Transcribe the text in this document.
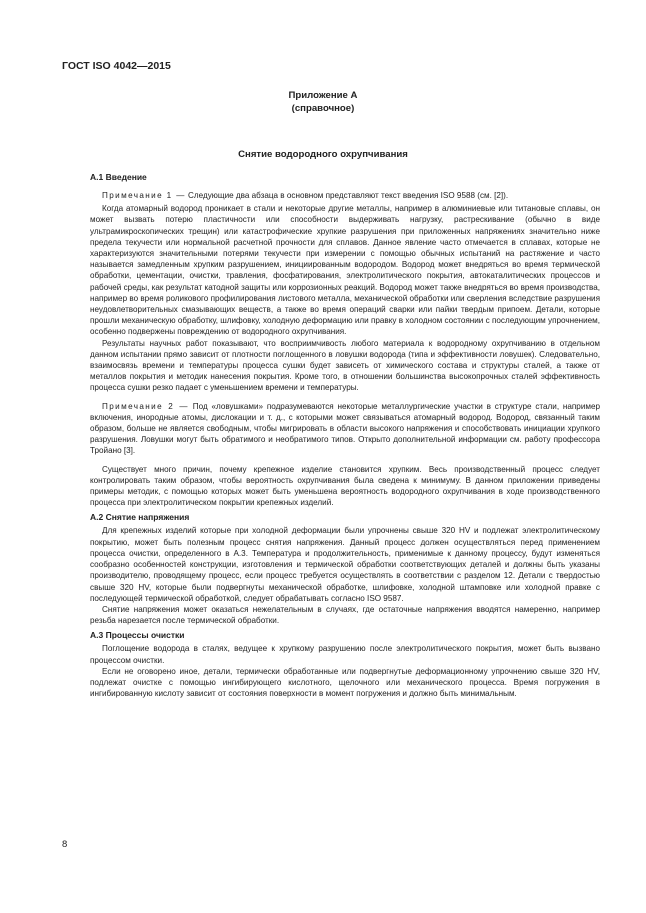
ГОСТ ISO 4042—2015
Приложение А
(справочное)
Снятие водородного охрупчивания
А.1 Введение

Примечание 1 — Следующие два абзаца в основном представляют текст введения ISO 9588 (см. [2]).

Когда атомарный водород проникает в стали и некоторые другие металлы, например в алюминиевые или титановые сплавы, он может вызвать потерю пластичности или способности выдерживать нагрузку, растрескивание (обычно в виде ультрамикроскопических трещин) или катастрофические хрупкие разрушения при приложенных напряжениях значительно ниже предела текучести или нормальной расчетной прочности для сплавов. Данное явление часто отмечается в сплавах, которые не характеризуются значительными потерями текучести при измерении с помощью обычных испытаний на растяжение и часто называется замедленным хрупким разрушением, инициированным водородом. Водород может внедряться во время термической обработки, цементации, очистки, травления, фосфатирования, электролитического покрытия, автокаталитических процессов и рабочей среды, как результат катодной защиты или коррозионных реакций. Водород может также внедряться во время производства, например во время роликового профилирования листового металла, механической обработки или сверления вследствие разрушения неудовлетворительных смазывающих веществ, а также во время операций сварки или пайки твердым припоем. Детали, которые прошли механическую обработку, шлифовку, холодную деформацию или правку в холодном состоянии с последующим упрочнением, особенно подвержены повреждению от водородного охрупчивания.

Результаты научных работ показывают, что восприимчивость любого материала к водородному охрупчиванию в отдельном данном испытании прямо зависит от плотности поглощенного в ловушки водорода (типа и эффективности ловушек). Следовательно, взаимосвязь времени и температуры процесса сушки будет зависеть от химического состава и структуры сталей, а также от металлов покрытия и методик нанесения покрытия. Кроме того, в отношении большинства высокопрочных сталей эффективность процесса сушки резко падает с уменьшением времени и температуры.

Примечание 2 — Под «ловушками» подразумеваются некоторые металлургические участки в структуре стали, например включения, инородные атомы, дислокации и т. д., с которыми может связываться атомарный водород. Водород, связанный таким образом, больше не является свободным, чтобы мигрировать в области высокого напряжения и способствовать инициации хрупкого разрушения. Ловушки могут быть обратимого и необратимого типов. Открыто дополнительной информации см. работу профессора Тройано [3].

Существует много причин, почему крепежное изделие становится хрупким. Весь производственный процесс следует контролировать таким образом, чтобы вероятность охрупчивания была сведена к минимуму. В данном приложении приведены примеры методик, с помощью которых может быть уменьшена вероятность водородного охрупчивания в ходе производственного процесса при электролитическом покрытии крепежных изделий.

А.2 Снятие напряжения

Для крепежных изделий которые при холодной деформации были упрочнены свыше 320 HV и подлежат электролитическому покрытию, может быть полезным процесс снятия напряжения. Данный процесс должен осуществляться перед применением процесса очистки, определенного в А.3. Температура и продолжительность, применимые к данному процессу, будут изменяться сообразно особенностей конструкции, изготовления и термической обработки соответствующих деталей и должны быть указаны производителю, проводящему процесс, если процесс требуется осуществлять в соответствии с разделом 12. Детали с твердостью свыше 320 HV, которые были подвергнуты механической обработке, шлифовке, холодной штамповке или холодной правке с последующей термической обработкой, следует обрабатывать согласно ISO 9587.

Снятие напряжения может оказаться нежелательным в случаях, где остаточные напряжения вводятся намеренно, например резьба нарезается после термической обработки.

А.3 Процессы очистки

Поглощение водорода в сталях, ведущее к хрупкому разрушению после электролитического покрытия, может быть вызвано процессом очистки.

Если не оговорено иное, детали, термически обработанные или подвергнутые деформационному упрочнению свыше 320 HV, подлежат очистке с помощью ингибирующего кислотного, щелочного или механического процесса. Время погружения в ингибированную кислоту зависит от состояния поверхности в момент погружения и должно быть минимальным.

8
